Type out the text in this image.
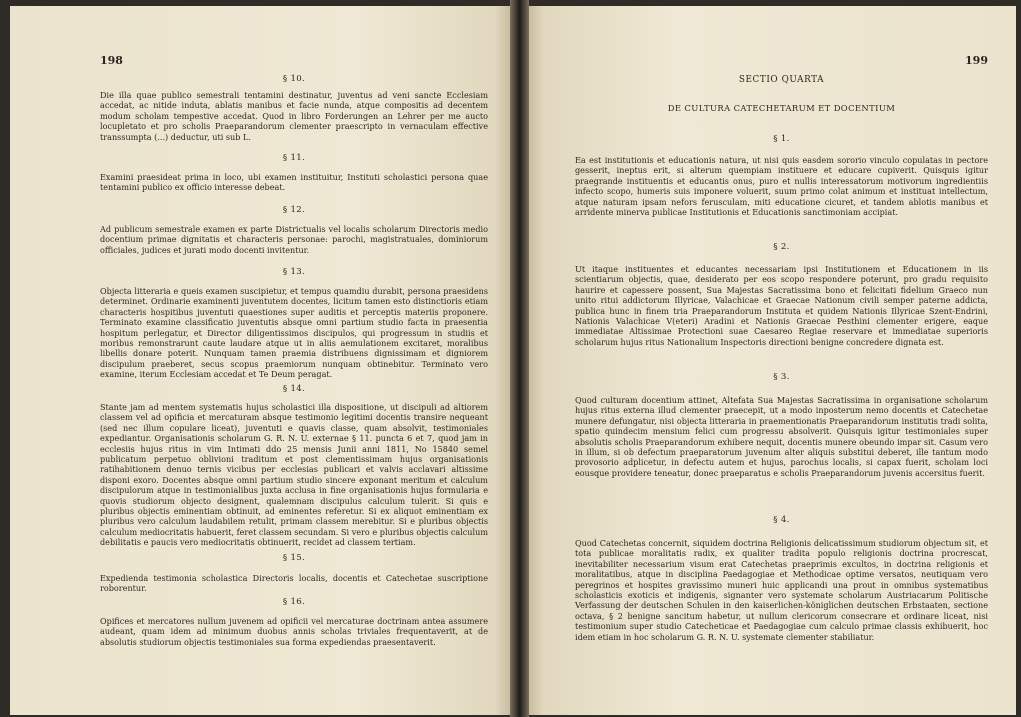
198
§ 10.

Die illa quae publico semestrali tentamini destinatur, juventus ad veni sancte Ecclesiam accedat, ac nitide induta, ablatis manibus et facie nunda, atque compositis ad decentem modum scholam tempestive accedat. Quod in libro Forderungen an Lehrer per me aucto locupletato et pro scholis Praeparandorum clementer praescripto in vernaculam effective transsumpta (...) deductur, uti sub L.

§ 11.

Examini praesideat prima in loco, ubi examen instituitur, Instituti scholastici persona quae tentamini publico ex officio interesse debeat.

§ 12.

Ad publicum semestrale examen ex parte Districtualis vel localis scholarum Directoris medio docentium primae dignitatis et characteris personae: parochi, magistratuales, dominiorum officiales, judices et jurati modo docenti invitentur.

§ 13.

Objecta litteraria e queis examen suscipietur, et tempus quamdiu durabit, persona praesidens determinet. Ordinarie examinenti juventutem docentes, licitum tamen esto distinctioris etiam characteris hospitibus juventuti quaestiones super auditis et perceptis materiis proponere. Terminato examine classificatio juventutis absque omni partium studio facta in praesentia hospitum perlegatur, et Director diligentissimos discipulos, qui progressum in studiis et moribus remonstrarunt caute laudare atque ut in aliis aemulationem excitaret, moralibus libellis donare poterit. Nunquam tamen praemia distribuens dignissimam et digniorem discipulum praeberet, secus scopus praemiorum nunquam obtinebitur. Terminato vero examine, iterum Ecclesiam accedat et Te Deum peragat.

§ 14.

Stante jam ad mentem systematis hujus scholastici illa dispositione, ut discipuli ad altiorem classem vel ad opificia et mercaturam absque testimonio legitimi docentis transire nequeant (sed nec illum copulare liceat), juventuti e quavis classe, quam absolvit, testimoniales expediantur. Organisationis scholarum G. R. N. U. externae § 11. puncta 6 et 7, quod jam in ecclesiis hujus ritus in vim Intimati ddo 25 mensis Junii anni 1811, No 15840 semel publicatum perpetuo oblivioni traditum et post clementissimam hujus organisationis ratihabitionem denuo ternis vicibus per ecclesias publicari et valvis acclavari altissime disponi exoro. Docentes absque omni partium studio sincere exponant meritum et calculum discipulorum atque in testimonialibus juxta acclusa in fine organisationis hujus formularia e quovis studiorum objecto designent, qualemnam discipulus calculum tulerit. Si quis e pluribus objectis eminentiam obtinuit, ad eminentes referetur. Si ex aliquot eminentiam ex pluribus vero calculum laudabilem retulit, primam classem merebitur. Si e pluribus objectis calculum mediocritatis habuerit, feret classem secundam. Si vero e pluribus objectis calculum debilitatis e paucis vero mediocritatis obtinuerit, recidet ad classem tertiam.

§ 15.

Expedienda testimonia scholastica Directoris localis, docentis et Catechetae suscriptione roborentur.

§ 16.

Opifices et mercatores nullum juvenem ad opificii vel mercaturae doctrinam antea assumere audeant, quam idem ad minimum duobus annis scholas triviales frequentaverit, at de absolutis studiorum objectis testimoniales sua forma expediendas praesentaverit.

199
SECTIO QUARTA
DE CULTURA CATECHETARUM ET DOCENTIUM
§ 1.

Ea est institutionis et educationis natura, ut nisi quis easdem sororio vinculo copulatas in pectore gesserit, ineptus erit, si alterum quempiam instituere et educare cupiverit. Quisquis igitur praegrande instituentis et educantis onus, puro et nullis interessatorum motivorum ingredientiis infecto scopo, humeris suis imponere voluerit, suum primo colat animum et instituat intellectum, atque naturam ipsam nefors ferusculam, miti educatione cicuret, et tandem ablotis manibus et arridente minerva publicae Institutionis et Educationis sanctimoniam accipiat.

§ 2.

Ut itaque instituentes et educantes necessariam ipsi Institutionem et Educationem in iis scientiarum objectis, quae, desiderato per eos scopo respondere poterunt, pro gradu requisito haurire et capessere possent, Sua Majestas Sacratissima bono et felicitati fidelium Graeco nun unito ritui addictorum Illyricae, Valachicae et Graecae Nationum civili semper paterne addicta, publica hunc in finem tria Praeparandorum Instituta et quidem Nationis Illyricae Szent-Endrini, Nationis Valachicae V(eteri) Aradini et Nationis Graecae Pesthini clementer erigere, eaque immediatae Altissimae Protectioni suae Caesareo Regiae reservare et immediatae superioris scholarum hujus ritus Nationalium Inspectoris directioni benigne concredere dignata est.

§ 3.

Quod culturam docentium attinet, Altefata Sua Majestas Sacratissima in organisatione scholarum hujus ritus externa illud clementer praecepit, ut a modo inposterum nemo docentis et Catechetae munere defungatur, nisi objecta litteraria in praementionatis Praeparandorum institutis tradi solita, spatio quindecim mensium felici cum progressu absolverit. Quisquis igitur testimoniales super absolutis scholis Praeparandorum exhibere nequit, docentis munere obeundo impar sit. Casum vero in illum, si ob defectum praeparatorum juvenum alter aliquis substitui deberet, ille tantum modo provosorio adplicetur, in defectu autem et hujus, parochus localis, si capax fuerit, scholam loci eousque providere teneatur, donec praeparatus e scholis Praeparandorum juvenis accersitus fuerit.

§ 4.

Quod Catechetas concernit, siquidem doctrina Religionis delicatissimum studiorum objectum sit, et tota publicae moralitatis radix, ex qualiter tradita populo religionis doctrina procrescat, inevitabiliter necessarium visum erat Catechetas praeprimis excultos, in doctrina religionis et moralitatibus, atque in disciplina Paedagogiae et Methodicae optime versatos, neutiquam vero peregrinos et hospites gravissimo muneri huic applicandi una prout in omnibus systematibus scholasticis exoticis et indigenis, signanter vero systemate scholarum Austriacarum Politische Verfassung der deutschen Schulen in den kaiserlichen-königlichen deutschen Erbstaaten, sectione octava, § 2 benigne sancitum habetur, ut nullum clericorum consecrare et ordinare liceat, nisi testimonium super studio Catecheticae et Paedagogiae cum calculo primae classis exhibuerit, hoc idem etiam in hoc scholarum G. R. N. U. systemate clementer stabiliatur.
